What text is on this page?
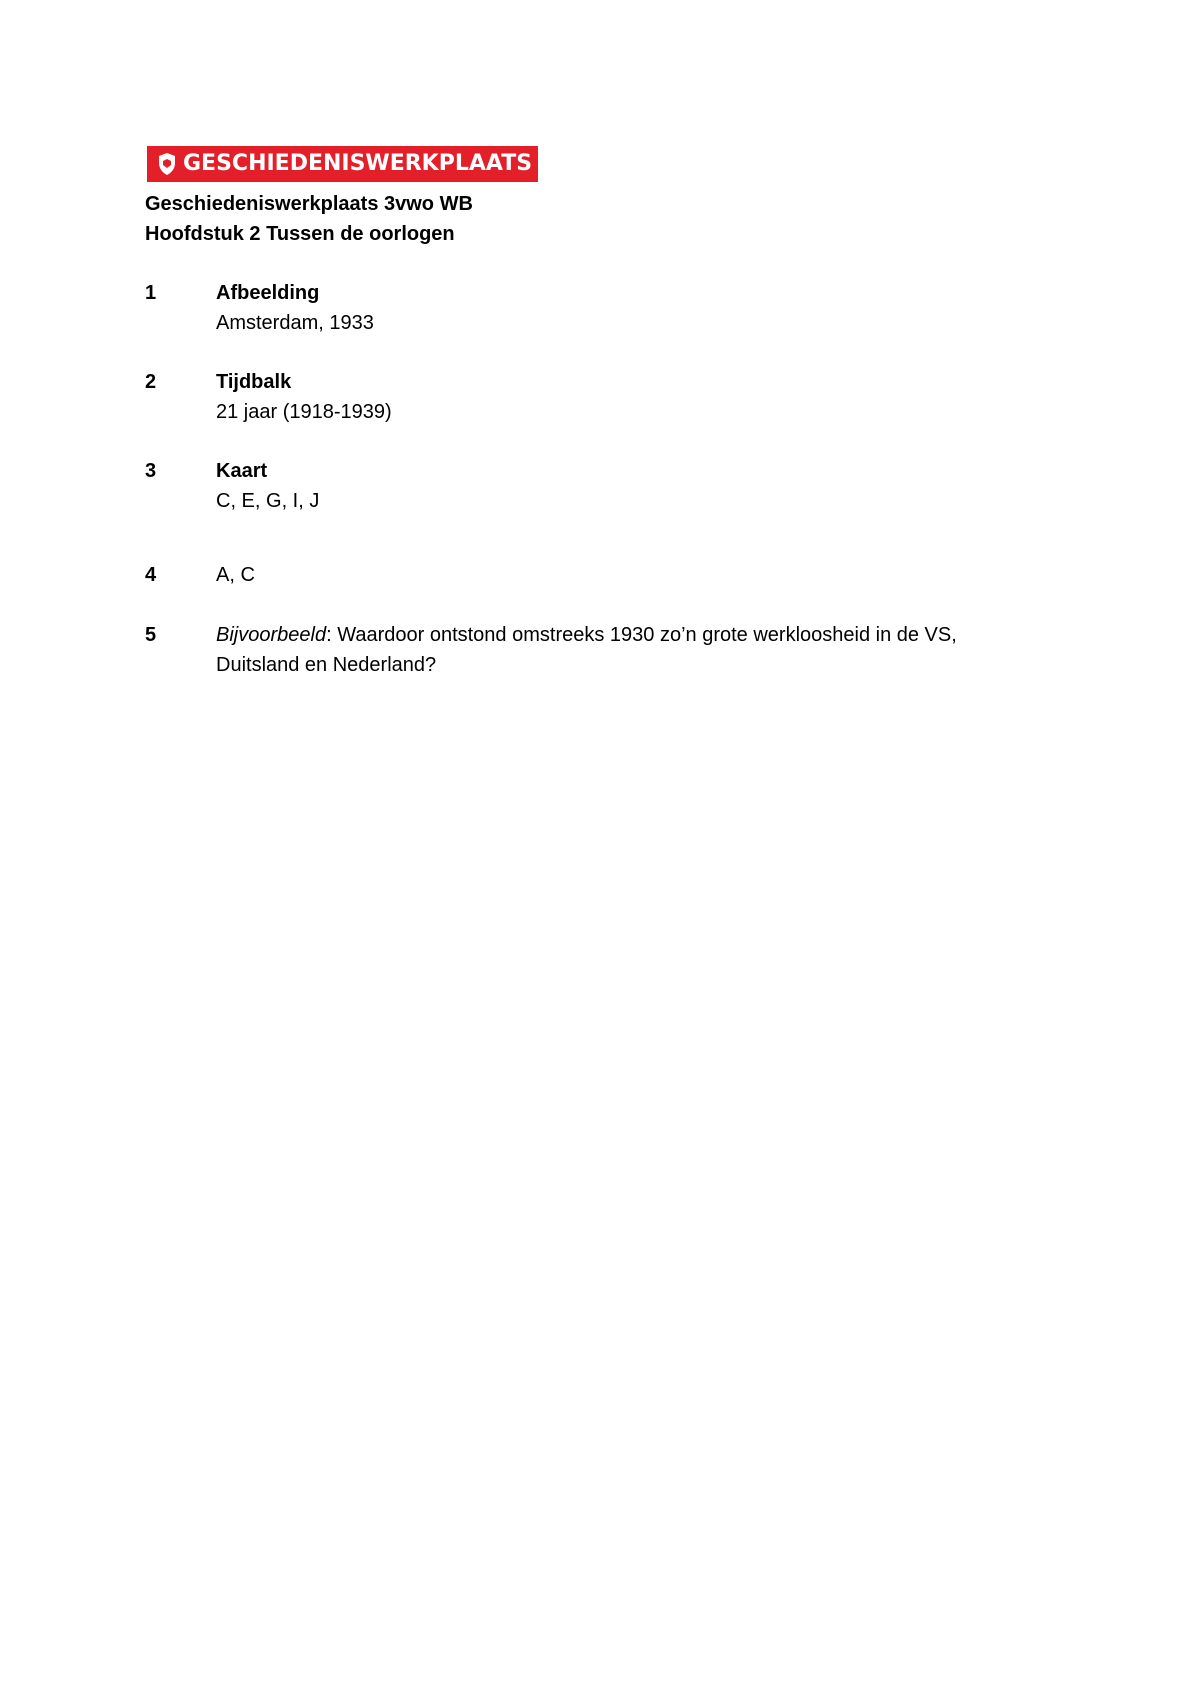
GESCHIEDENISWERKPLAATS
Geschiedeniswerkplaats 3vwo WB
Hoofdstuk 2 Tussen de oorlogen
1	Afbeelding
Amsterdam, 1933
2	Tijdbalk
21 jaar (1918-1939)
3	Kaart
C, E, G, I, J
4	A, C
5	Bijvoorbeeld: Waardoor ontstond omstreeks 1930 zo’n grote werkloosheid in de VS,
Duitsland en Nederland?
